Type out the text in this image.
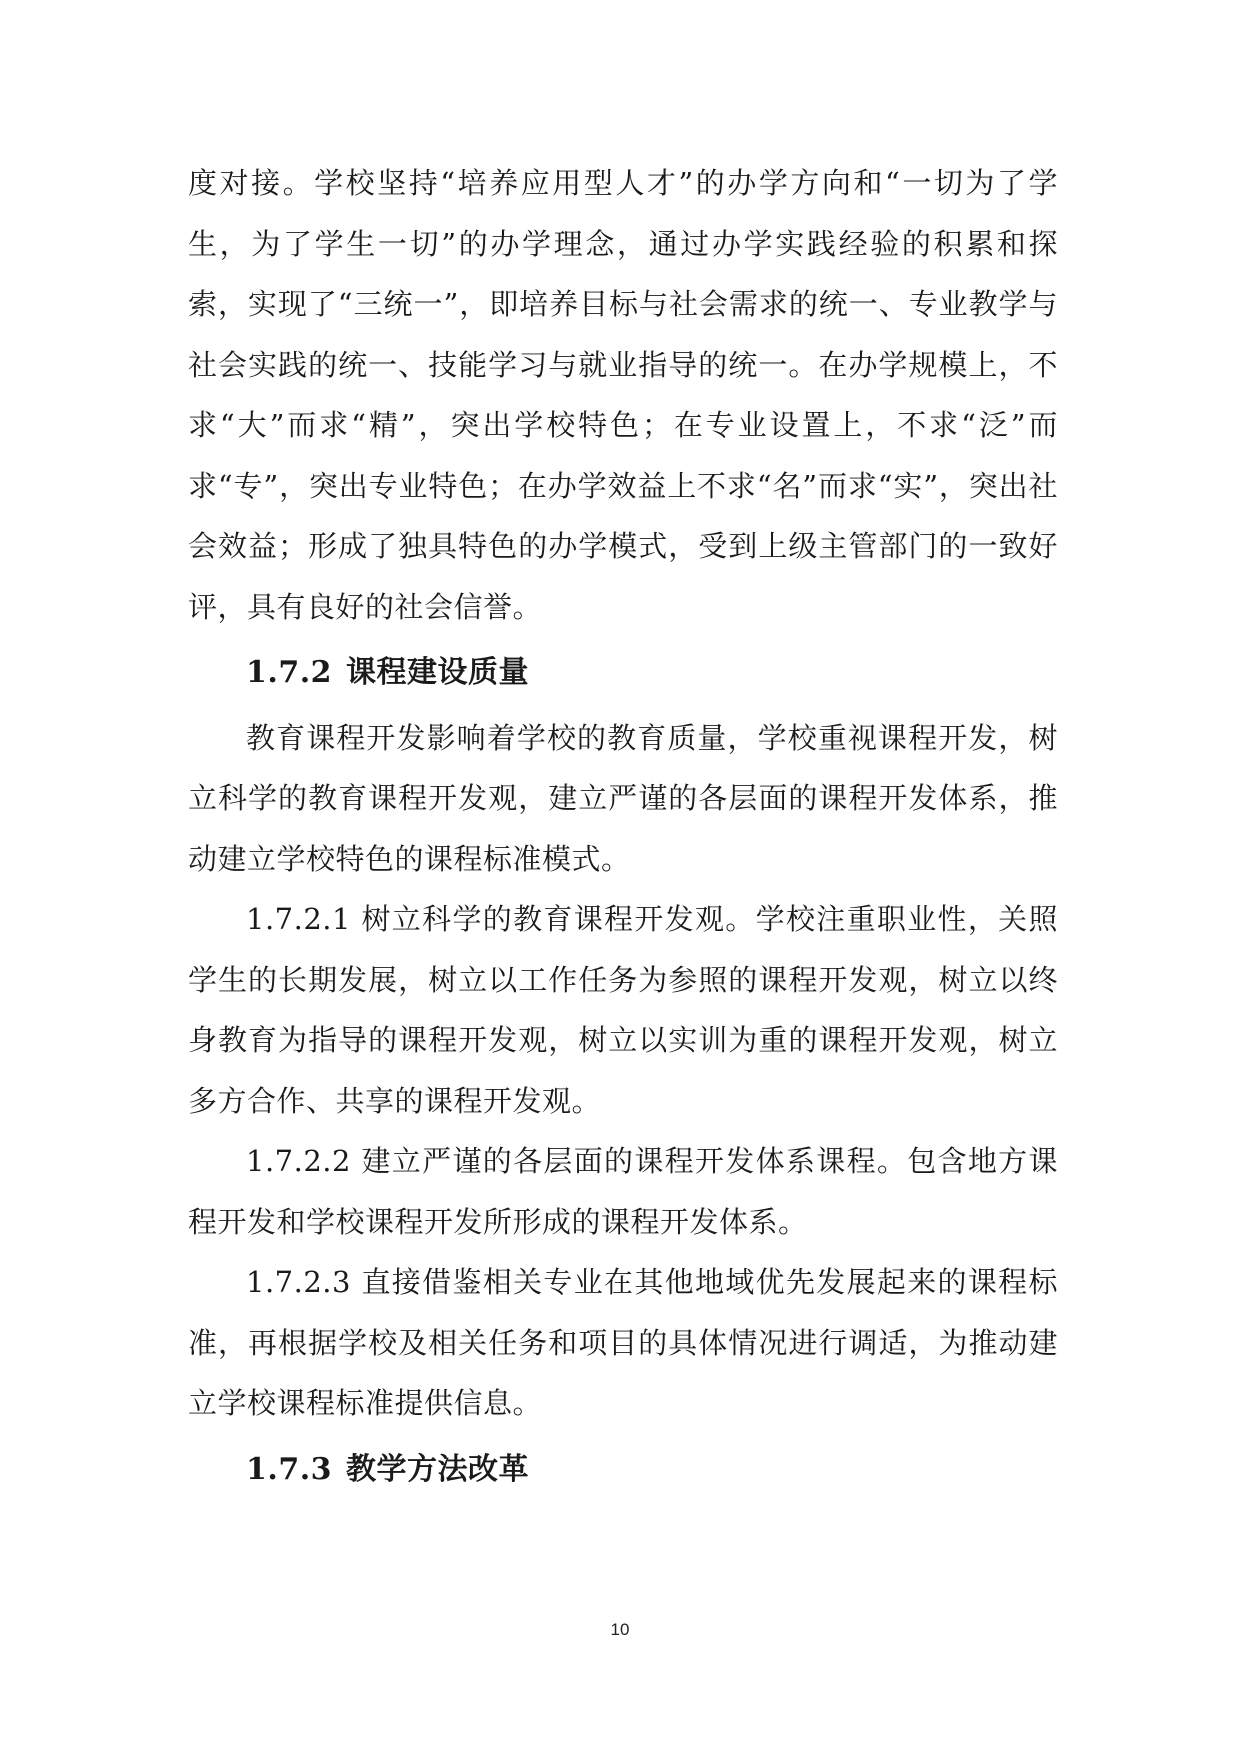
度对接。学校坚持“培养应用型人才”的办学方向和“一切为了学生，为了学生一切”的办学理念，通过办学实践经验的积累和探索，实现了“三统一”，即培养目标与社会需求的统一、专业教学与社会实践的统一、技能学习与就业指导的统一。在办学规模上，不求“大”而求“精”，突出学校特色；在专业设置上，不求“泛”而求“专”，突出专业特色；在办学效益上不求“名”而求“实”，突出社会效益；形成了独具特色的办学模式，受到上级主管部门的一致好评，具有良好的社会信誉。

1.7.2 课程建设质量

教育课程开发影响着学校的教育质量，学校重视课程开发，树立科学的教育课程开发观，建立严谨的各层面的课程开发体系，推动建立学校特色的课程标准模式。

1.7.2.1 树立科学的教育课程开发观。学校注重职业性，关照学生的长期发展，树立以工作任务为参照的课程开发观，树立以终身教育为指导的课程开发观，树立以实训为重的课程开发观，树立多方合作、共享的课程开发观。

1.7.2.2 建立严谨的各层面的课程开发体系课程。包含地方课程开发和学校课程开发所形成的课程开发体系。

1.7.2.3 直接借鉴相关专业在其他地域优先发展起来的课程标准，再根据学校及相关任务和项目的具体情况进行调适，为推动建立学校课程标准提供信息。

1.7.3 教学方法改革
10
